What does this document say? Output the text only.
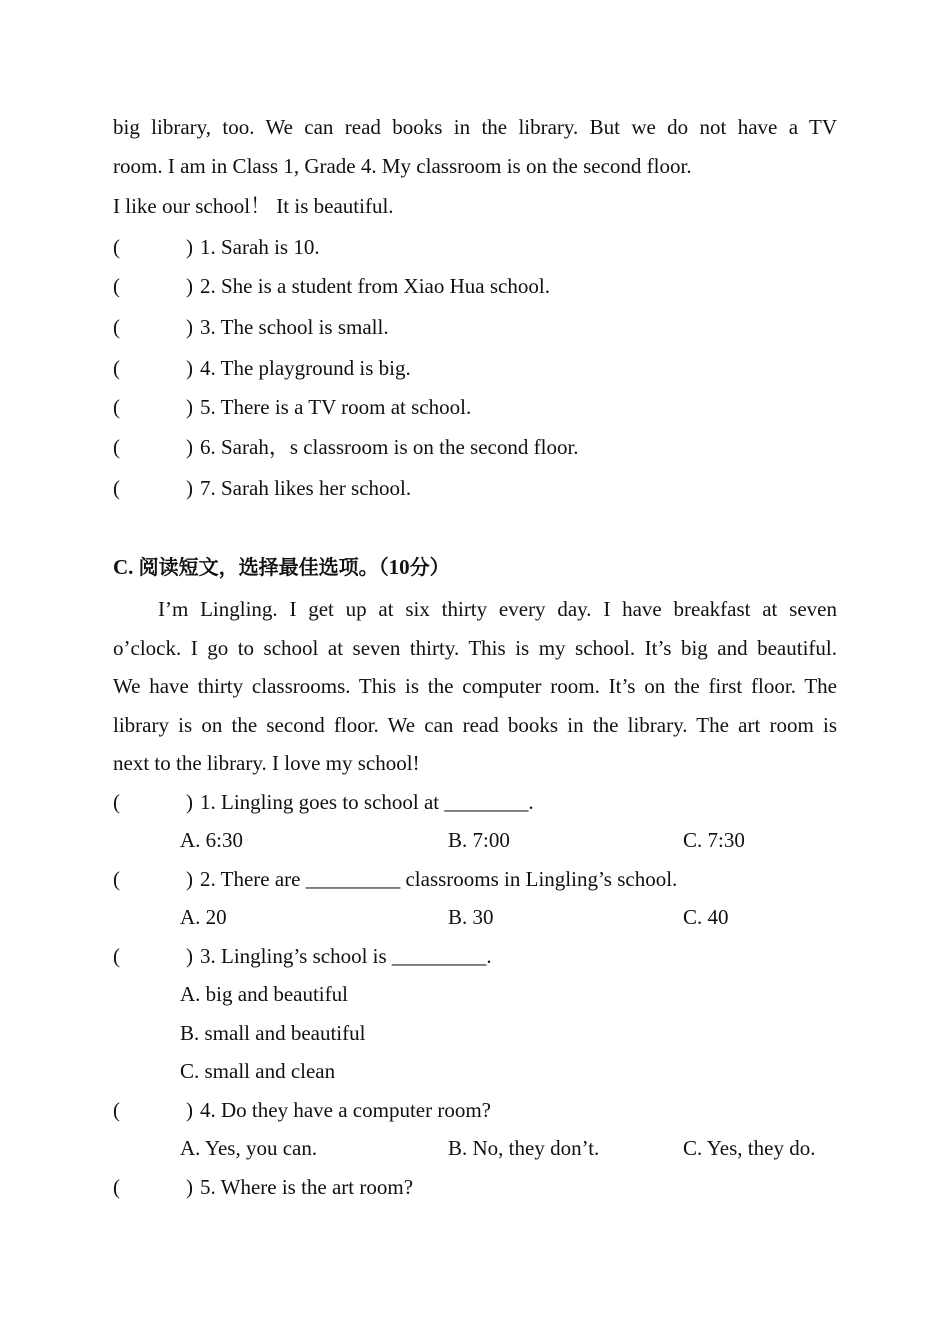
big library, too. We can read books in the library. But we do not have a TV
room. I am in Class 1, Grade 4. My classroom is on the second floor.
I like our school！ It is beautiful.
(	) 1. Sarah is 10.
(	) 2. She is a student from Xiao Hua school.
(	) 3. The school is small.
(	) 4. The playground is big.
(	) 5. There is a TV room at school.
(	) 6. Sarah，s classroom is on the second floor.
(	) 7. Sarah likes her school.
C. 阅读短文，选择最佳选项。（10分）
I’m Lingling. I get up at six thirty every day. I have breakfast at seven
o’clock. I go to school at seven thirty. This is my school. It’s big and beautiful.
We have thirty classrooms. This is the computer room. It’s on the first floor. The
library is on the second floor. We can read books in the library. The art room is
next to the library. I love my school!
(	) 1. Lingling goes to school at ________.
A. 6:30	B. 7:00	C. 7:30
(	) 2. There are _________ classrooms in Lingling’s school.
A. 20	B. 30	C. 40
(	) 3. Lingling’s school is _________.
A. big and beautiful
B. small and beautiful
C. small and clean
(	) 4. Do they have a computer room?
A. Yes, you can.	B. No, they don’t.	C. Yes, they do.
(	) 5. Where is the art room?
